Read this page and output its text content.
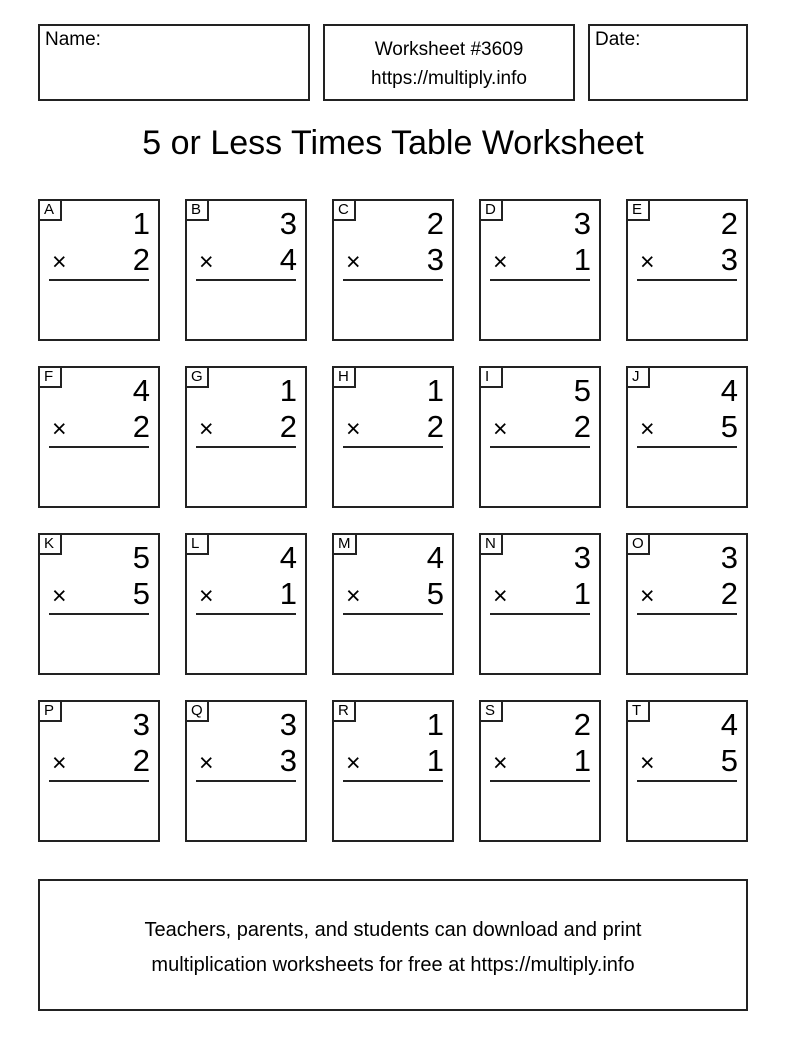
Name:	Worksheet #3609
https://multiply.info
Date:
5 or Less Times Table Worksheet
A	1
× 2
B	3
× 4
C	2
× 3
D	3
× 1
E	2
× 3
F	4
× 2
G 1
× 2
H	1
× 2
I	5
× 2
J	4
× 5
K	5
× 5
L	4
× 1
M 4
× 5
N	3
× 1
O 3
× 2
P	3
× 2
Q 3
× 3
R	1
× 1
S	2
× 1
T	4
× 5
Teachers, parents, and students can download and print
multiplication worksheets for free at https://multiply.info
